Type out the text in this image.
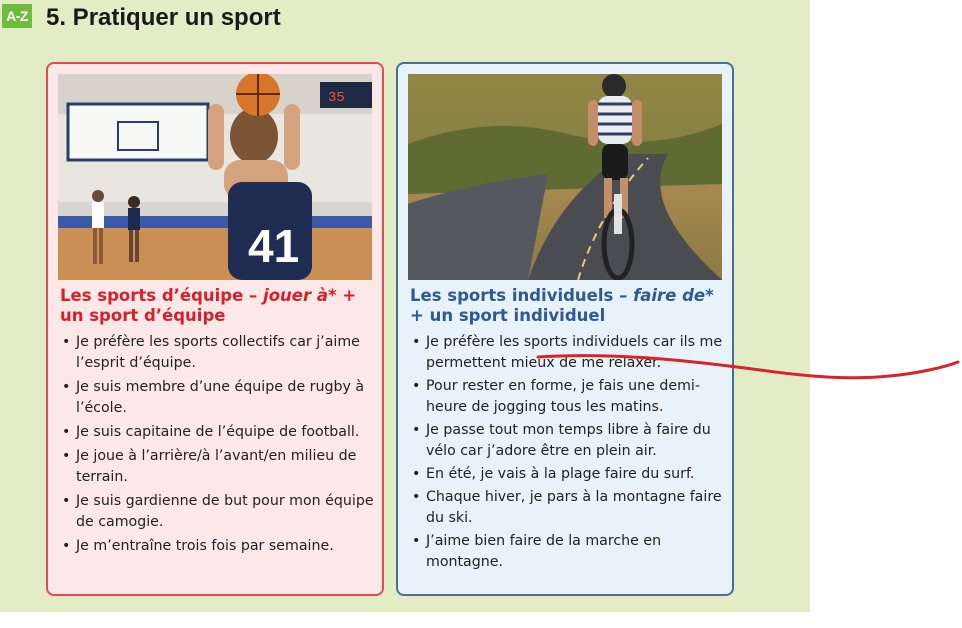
A-Z 5. Pratiquer un sport
35
41
Les sports d’équipe – jouer à* + un sport d’équipe
• Je préfère les sports collectifs car j’aime l’esprit d’équipe.
• Je suis membre d’une équipe de rugby à l’école.
• Je suis capitaine de l’équipe de football.
• Je joue à l’arrière/à l’avant/en milieu de terrain.
• Je suis gardienne de but pour mon équipe de camogie.
• Je m’entraîne trois fois par semaine.
Les sports individuels – faire de* + un sport individuel
• Je préfère les sports individuels car ils me permettent mieux de me relaxer.
• Pour rester en forme, je fais une demi-heure de jogging tous les matins.
• Je passe tout mon temps libre à faire du vélo car j’adore être en plein air.
• En été, je vais à la plage faire du surf.
• Chaque hiver, je pars à la montagne faire du ski.
• J’aime bien faire de la marche en montagne.
